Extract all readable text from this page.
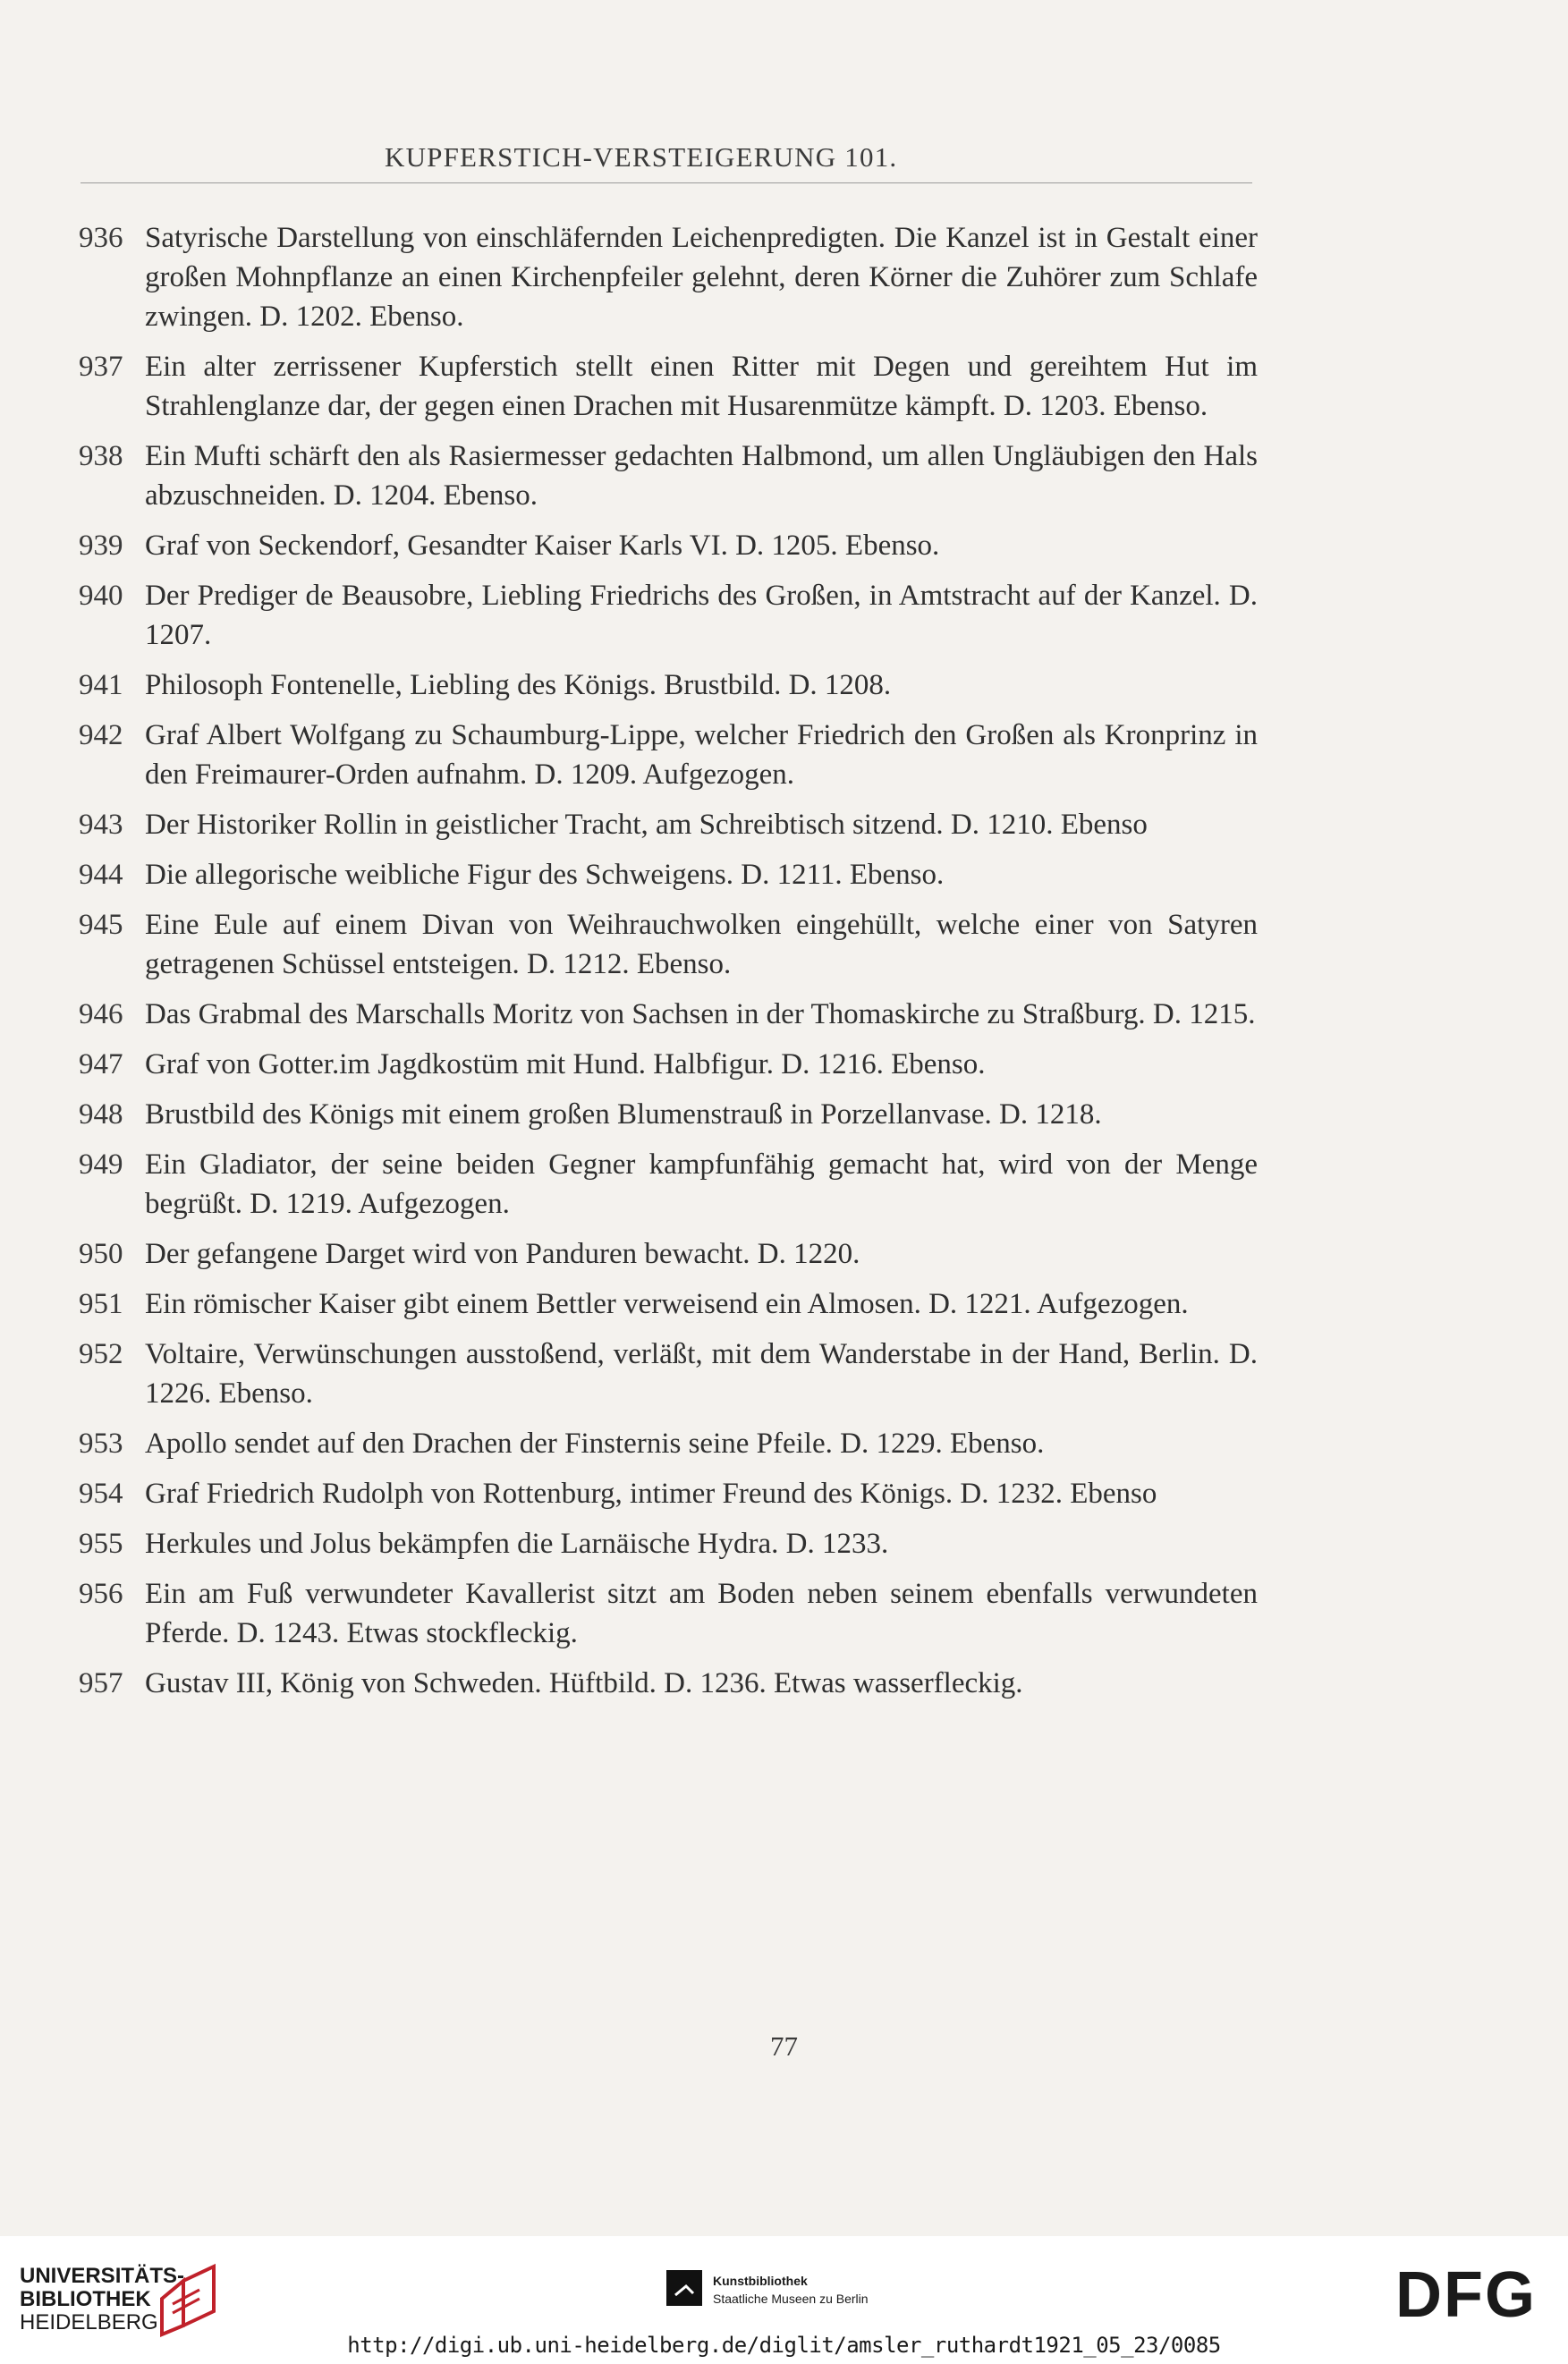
KUPFERSTICH-VERSTEIGERUNG 101.
936 Satyrische Darstellung von einschläfernden Leichenpredigten. Die Kanzel ist in Gestalt einer großen Mohnpflanze an einen Kirchenpfeiler gelehnt, deren Körner die Zuhörer zum Schlafe zwingen. D. 1202. Ebenso.
937 Ein alter zerrissener Kupferstich stellt einen Ritter mit Degen und gereihtem Hut im Strahlenglanze dar, der gegen einen Drachen mit Husarenmütze kämpft. D. 1203. Ebenso.
938 Ein Mufti schärft den als Rasiermesser gedachten Halbmond, um allen Ungläubigen den Hals abzuschneiden. D. 1204. Ebenso.
939 Graf von Seckendorf, Gesandter Kaiser Karls VI. D. 1205. Ebenso.
940 Der Prediger de Beausobre, Liebling Friedrichs des Großen, in Amtstracht auf der Kanzel. D. 1207.
941 Philosoph Fontenelle, Liebling des Königs. Brustbild. D. 1208.
942 Graf Albert Wolfgang zu Schaumburg-Lippe, welcher Friedrich den Großen als Kronprinz in den Freimaurer-Orden aufnahm. D. 1209. Aufgezogen.
943 Der Historiker Rollin in geistlicher Tracht, am Schreibtisch sitzend. D. 1210. Ebenso
944 Die allegorische weibliche Figur des Schweigens. D. 1211. Ebenso.
945 Eine Eule auf einem Divan von Weihrauchwolken eingehüllt, welche einer von Satyren getragenen Schüssel entsteigen. D. 1212. Ebenso.
946 Das Grabmal des Marschalls Moritz von Sachsen in der Thomaskirche zu Straßburg. D. 1215.
947 Graf von Gotter.im Jagdkostüm mit Hund. Halbfigur. D. 1216. Ebenso.
948 Brustbild des Königs mit einem großen Blumenstrauß in Porzellanvase. D. 1218.
949 Ein Gladiator, der seine beiden Gegner kampfunfähig gemacht hat, wird von der Menge begrüßt. D. 1219. Aufgezogen.
950 Der gefangene Darget wird von Panduren bewacht. D. 1220.
951 Ein römischer Kaiser gibt einem Bettler verweisend ein Almosen. D. 1221. Aufgezogen.
952 Voltaire, Verwünschungen ausstoßend, verläßt, mit dem Wanderstabe in der Hand, Berlin. D. 1226. Ebenso.
953 Apollo sendet auf den Drachen der Finsternis seine Pfeile. D. 1229. Ebenso.
954 Graf Friedrich Rudolph von Rottenburg, intimer Freund des Königs. D. 1232. Ebenso
955 Herkules und Jolus bekämpfen die Larnäische Hydra. D. 1233.
956 Ein am Fuß verwundeter Kavallerist sitzt am Boden neben seinem ebenfalls verwundeten Pferde. D. 1243. Etwas stockfleckig.
957 Gustav III, König von Schweden. Hüftbild. D. 1236. Etwas wasserfleckig.
77
UNIVERSITÄTS-
BIBLIOTHEK
HEIDELBERG
Kunstbibliothek
Staatliche Museen zu Berlin	DFG
http://digi.ub.uni-heidelberg.de/diglit/amsler_ruthardt1921_05_23/0085
